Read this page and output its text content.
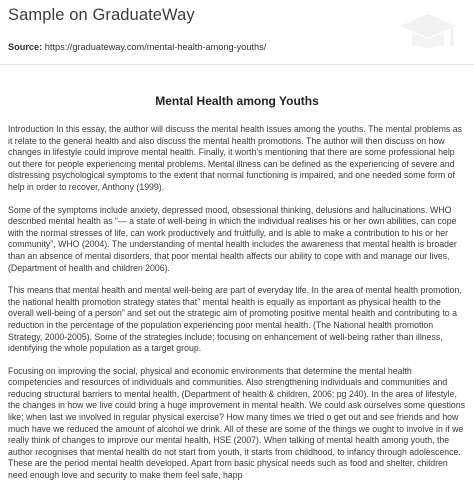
Sample on GraduateWay
Source: https://graduateway.com/mental-health-among-youths/
Mental Health among Youths

Introduction In this essay, the author will discuss the mental health issues among the youths. The mental problems as it relate to the general health and also discuss the mental health promotions. The author will then discuss on how changes in lifestyle could improve mental health. Finally, it worth’s mentioning that there are some professional help out there for people experiencing mental problems. Mental illness can be defined as the experiencing of severe and distressing psychological symptoms to the extent that normal functioning is impaired, and one needed some form of help in order to recover, Anthony (1999).

Some of the symptoms include anxiety, depressed mood, obsessional thinking, delusions and hallucinations. WHO described mental health as “— a state of well-being in which the individual realises his or her own abilities, can cope with the normal stresses of life, can work productively and fruitfully, and is able to make a contribution to his or her community”, WHO (2004). The understanding of mental health includes the awareness that mental health is broader than an absence of mental disorders, that poor mental health affects our ability to cope with and manage our lives, (Department of health and children 2006).

This means that mental health and mental well-being are part of everyday life. In the area of mental health promotion, the national health promotion strategy states that” mental health is equally as important as physical health to the overall well-being of a person” and set out the strategic aim of promoting positive mental health and contributing to a reduction in the percentage of the population experiencing poor mental health. (The National health promotion Strategy, 2000-2005). Some of the strategies include; focusing on enhancement of well-being rather than illness, identifying the whole population as a target group.

Focusing on improving the social, physical and economic environments that determine the mental health competencies and resources of individuals and communities. Also strengthening individuals and communities and reducing structural barriers to mental health, (Department of health & children, 2006; pg 240). In the area of lifestyle, the changes in how we live could bring a huge improvement in mental health. We could ask ourselves some questions like; when last we involved in regular physical exercise? How many times we tried o get out and see friends and how much have we reduced the amount of alcohol we drink. All of these are some of the things we ought to involve in if we really think of changes to improve our mental health, HSE (2007). When talking of mental health among youth, the author recognises that mental health do not start from youth, it starts from childhood, to infancy through adolescence. These are the period mental health developed. Apart from basic physical needs such as food and shelter, children need enough love and security to make them feel safe, happ
